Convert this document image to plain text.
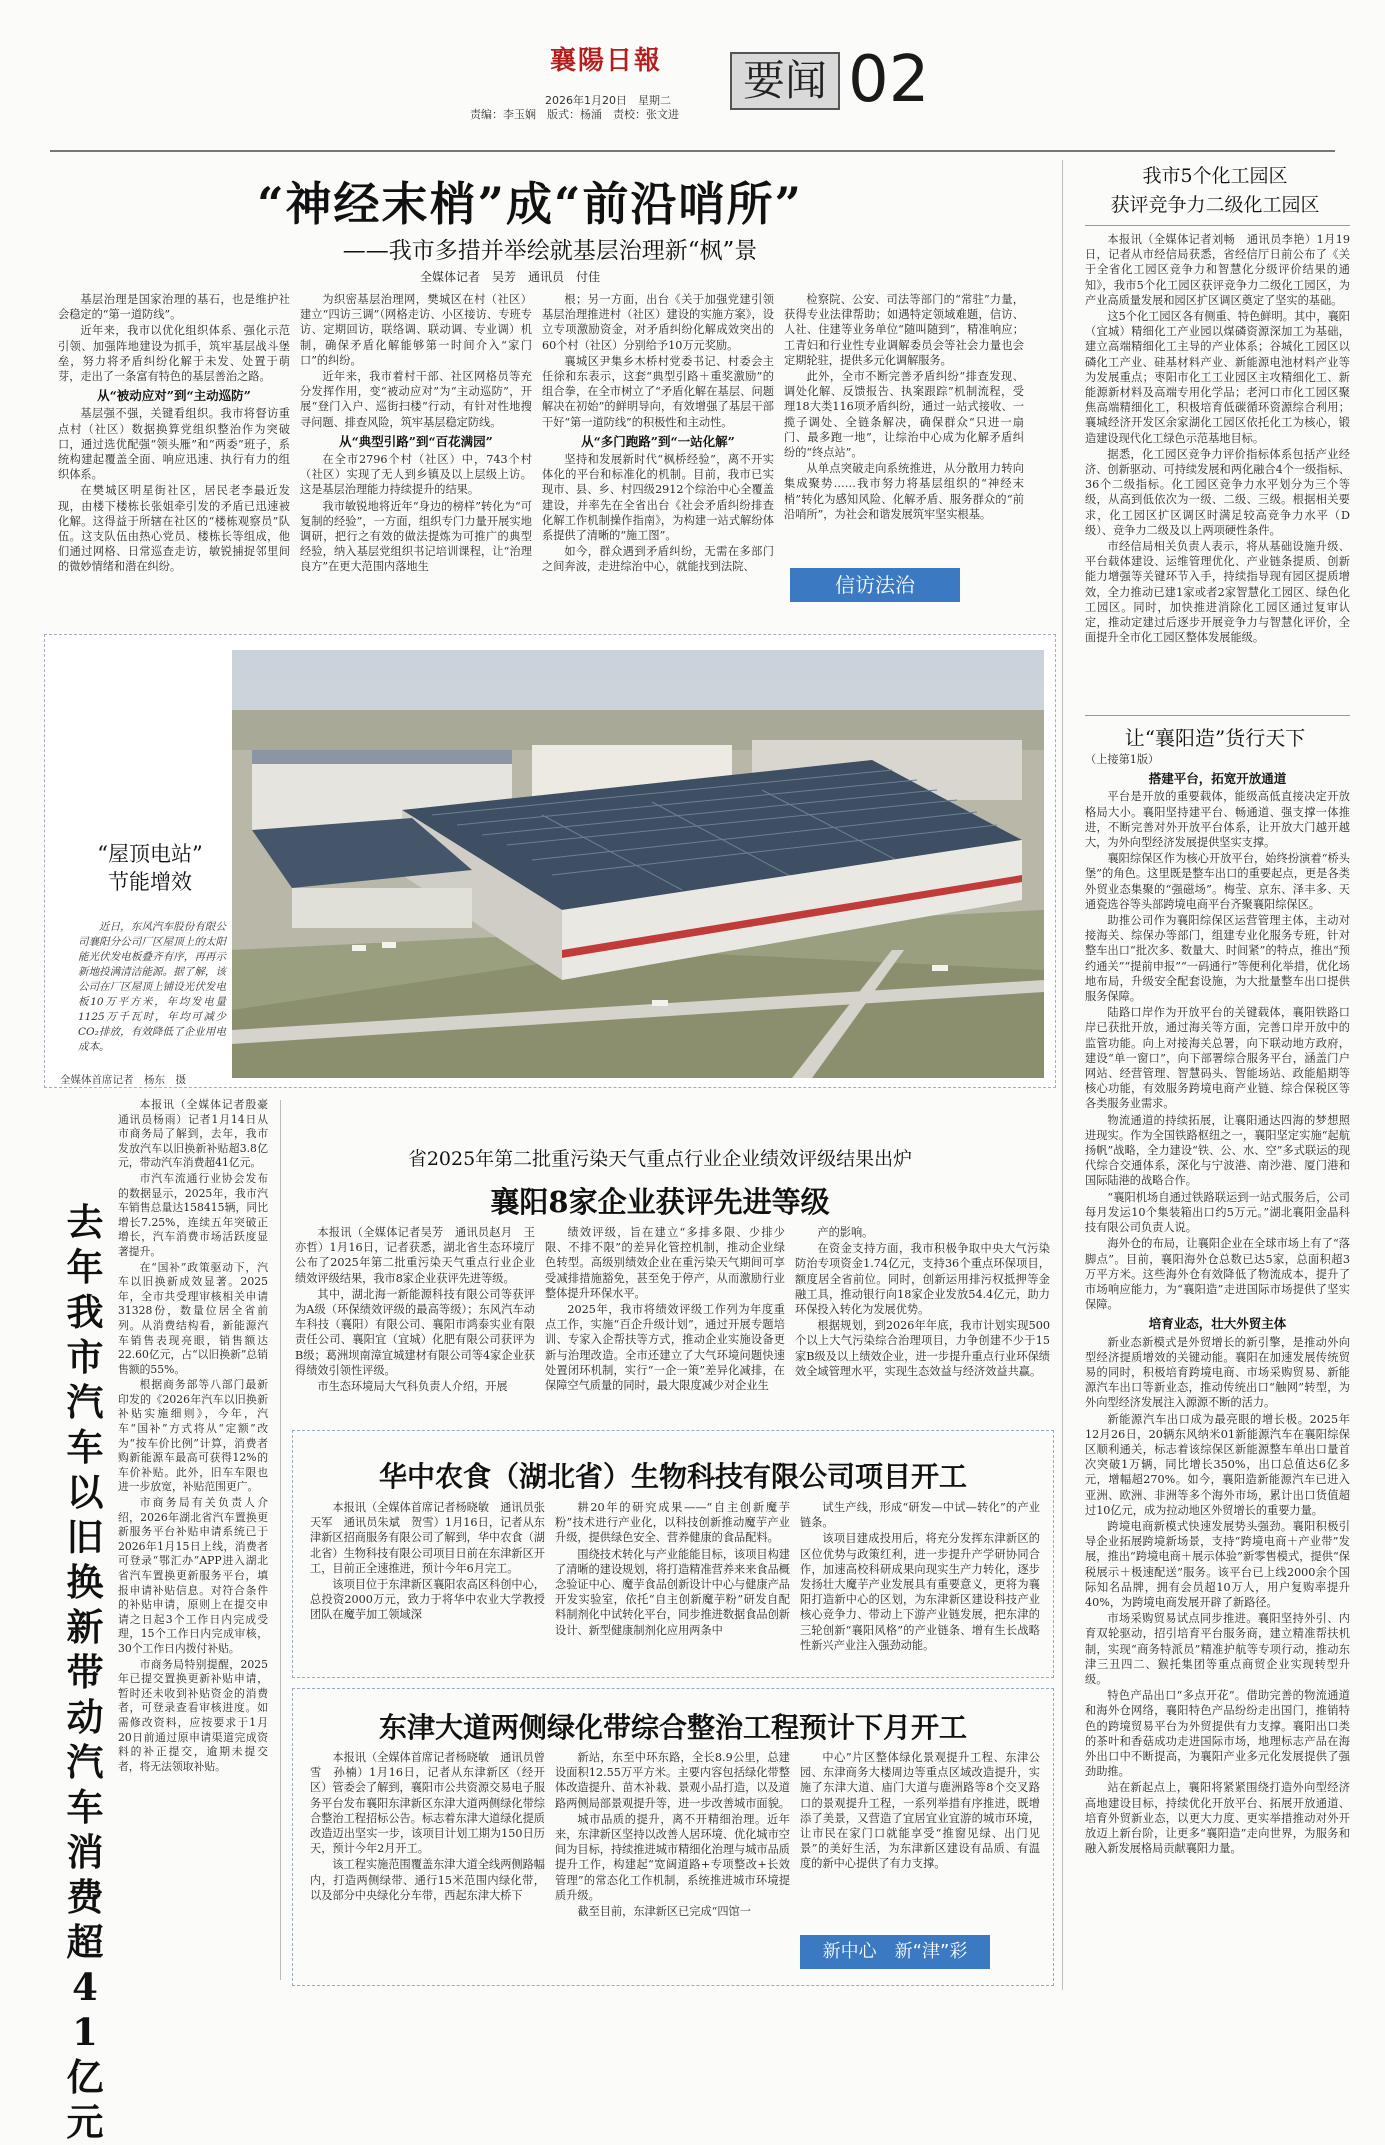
襄陽日報
2026年1月20日　星期二
责编：李玉娴　版式：杨涌　责校：张文进
要闻 02
“神经末梢”成“前沿哨所”
——我市多措并举绘就基层治理新“枫”景
全媒体记者　吴芳　通讯员　付佳

基层治理是国家治理的基石，也是维护社会稳定的“第一道防线”。

近年来，我市以优化组织体系、强化示范引领、加强阵地建设为抓手，筑牢基层战斗堡垒，努力将矛盾纠纷化解于未发、处置于萌芽，走出了一条富有特色的基层善治之路。

从“被动应对”到“主动巡防”

基层强不强，关键看组织。我市将督访重点村（社区）数据换算党组织整治作为突破口，通过选优配强“领头雁”和“两委”班子，系统构建起覆盖全面、响应迅速、执行有力的组织体系。

在樊城区明星街社区，居民老李最近发现，由楼下楼栋长张姐牵引发的矛盾已迅速被化解。这得益于所辖在社区的“楼栋观察员”队伍。这支队伍由热心党员、楼栋长等组成，他们通过网格、日常巡查走访，敏锐捕捉邻里间的微妙情绪和潜在纠纷。

为织密基层治理网，樊城区在村（社区）建立“四访三调”（网格走访、小区接访、专班专访、定期回访，联络调、联动调、专业调）机制，确保矛盾化解能够第一时间介入“家门口”的纠纷。

近年来，我市着村干部、社区网格员等充分发挥作用，变“被动应对”为“主动巡防”，开展“登门入户、巡街扫楼”行动，有针对性地搜寻问题、排查风险，筑牢基层稳定防线。

从“典型引路”到“百花满园”

在全市2796个村（社区）中，743个村（社区）实现了无人到乡镇及以上层级上访。这是基层治理能力持续提升的结果。

我市敏锐地将近年“身边的榜样”转化为“可复制的经验”，一方面，组织专门力量开展实地调研，把行之有效的做法提炼为可推广的典型经验，纳入基层党组织书记培训课程，让“治理良方”在更大范围内落地生

根；另一方面，出台《关于加强党建引领基层治理推进村（社区）建设的实施方案》，设立专项激励资金，对矛盾纠纷化解成效突出的60个村（社区）分别给予10万元奖励。

襄城区尹集乡木桥村党委书记、村委会主任徐和东表示，这套“典型引路＋重奖激励”的组合拳，在全市树立了“矛盾化解在基层、问题解决在初始”的鲜明导向，有效增强了基层干部干好“第一道防线”的积极性和主动性。

从“多门跑路”到“一站化解”

坚持和发展新时代“枫桥经验”，离不开实体化的平台和标准化的机制。目前，我市已实现市、县、乡、村四级2912个综治中心全覆盖建设，并率先在全省出台《社会矛盾纠纷排查化解工作机制操作指南》，为构建一站式解纷体系提供了清晰的“施工图”。

如今，群众遇到矛盾纠纷，无需在多部门之间奔波，走进综治中心，就能找到法院、

检察院、公安、司法等部门的“常驻”力量，获得专业法律帮助；如遇特定领域难题，信访、人社、住建等业务单位“随叫随到”，精准响应；工青妇和行业性专业调解委员会等社会力量也会定期轮驻，提供多元化调解服务。

此外，全市不断完善矛盾纠纷“排查发现、调处化解、反馈报告、执案跟踪”机制流程，受理18大类116项矛盾纠纷，通过一站式接收、一揽子调处、全链条解决，确保群众“只进一扇门、最多跑一地”，让综治中心成为化解矛盾纠纷的“终点站”。

从单点突破走向系统推进，从分散用力转向集成聚势……我市努力将基层组织的“神经末梢”转化为感知风险、化解矛盾、服务群众的“前沿哨所”，为社会和谐发展筑牢坚实根基。

信访法治
我市5个化工园区
获评竞争力二级化工园区

本报讯（全媒体记者刘畅　通讯员李艳）1月19日，记者从市经信局获悉，省经信厅日前公布了《关于全省化工园区竞争力和智慧化分级评价结果的通知》，我市5个化工园区获评竞争力二级化工园区，为产业高质量发展和园区扩区调区奠定了坚实的基础。

这5个化工园区各有侧重、特色鲜明。其中，襄阳（宜城）精细化工产业园以煤磷资源深加工为基础，建立高端精细化工主导的产业体系；谷城化工园区以磷化工产业、硅基材料产业、新能源电池材料产业等为发展重点；枣阳市化工工业园区主攻精细化工、新能源新材料及高端专用化学品；老河口市化工园区聚焦高端精细化工，积极培育低碳循环资源综合利用；襄城经济开发区余家湖化工园区依托化工为核心，锻造建设现代化工绿色示范基地目标。

据悉，化工园区竞争力评价指标体系包括产业经济、创新驱动、可持续发展和两化融合4个一级指标、36个二级指标。化工园区竞争力水平划分为三个等级，从高到低依次为一级、二级、三级。根据相关要求，化工园区扩区调区时满足较高竞争力水平（D级）、竞争力二级及以上两项硬性条件。

市经信局相关负责人表示，将从基础设施升级、平台载体建设、运维管理优化、产业链条提质、创新能力增强等关键环节入手，持续指导现有园区提质增效，全力推动已建1家或者2家智慧化工园区、绿色化工园区。同时，加快推进消除化工园区通过复审认定，推动定建过后逐步开展竞争力与智慧化评价，全面提升全市化工园区整体发展能级。

“屋顶电站”
节能增效

近日，东风汽车股份有限公司襄阳分公司厂区屋顶上的太阳能光伏发电板叠齐有序，再再示新地投满清洁能源。据了解，该公司在厂区屋顶上铺设光伏发电板10万平方米，年均发电量1125万千瓦时，年均可减少CO₂排放，有效降低了企业用电成本。

全媒体首席记者　杨东　摄
让“襄阳造”货行天下
（上接第1版）
搭建平台，拓宽开放通道

平台是开放的重要载体，能级高低直接决定开放格局大小。襄阳坚持建平台、畅通道、强支撑一体推进，不断完善对外开放平台体系，让开放大门越开越大，为外向型经济发展提供坚实支撑。

襄阳综保区作为核心开放平台，始终扮演着“桥头堡”的角色。这里既是整车出口的重要起点，更是各类外贸业态集聚的“强磁场”。梅莹、京东、泽丰多、天通瓷选谷等头部跨境电商平台齐聚襄阳综保区。

助推公司作为襄阳综保区运营管理主体，主动对接海关、综保办等部门，组建专业化服务专班，针对整车出口“批次多、数量大、时间紧”的特点，推出“预约通关”“提前申报”“一码通行”等便利化举措，优化场地布局，升级安全配套设施，为大批量整车出口提供服务保障。

陆路口岸作为开放平台的关键载体，襄阳铁路口岸已获批开放，通过海关等方面，完善口岸开放中的监管功能。向上对接海关总署，向下联动地方政府，建设“单一窗口”，向下部署综合服务平台，涵盖门户网站、经营管理、智慧码头、智能场站、政能船期等核心功能，有效服务跨境电商产业链、综合保税区等各类服务业需求。

物流通道的持续拓展，让襄阳通达四海的梦想照进现实。作为全国铁路枢纽之一，襄阳坚定实施“起航扬帆”战略，全力建设“铁、公、水、空”多式联运的现代综合交通体系，深化与宁波港、南沙港、厦门港和国际陆港的战略合作。

“襄阳机场自通过铁路联运到一站式服务后，公司每月发运10个集装箱出口约5万元。”湖北襄阳金晶科技有限公司负责人说。

海外仓的布局，让襄阳企业在全球市场上有了“落脚点”。目前，襄阳海外仓总数已达5家，总面积超3万平方米。这些海外仓有效降低了物流成本，提升了市场响应能力，为“襄阳造”走进国际市场提供了坚实保障。

培育业态，壮大外贸主体

新业态新模式是外贸增长的新引擎，是推动外向型经济提质增效的关键动能。襄阳在加速发展传统贸易的同时，积极培育跨境电商、市场采购贸易、新能源汽车出口等新业态，推动传统出口“触网”转型，为外向型经济发展注入源源不断的活力。

新能源汽车出口成为最亮眼的增长极。2025年12月26日，20辆东风纳米01新能源汽车在襄阳综保区顺利通关，标志着该综保区新能源整车单出口量首次突破1万辆，同比增长350%，出口总值达6亿多元，增幅超270%。如今，襄阳造新能源汽车已进入亚洲、欧洲、非洲等多个海外市场，累计出口货值超过10亿元，成为拉动地区外贸增长的重要力量。

跨境电商新模式快速发展势头强劲。襄阳积极引导企业拓展跨境新场景，支持“跨境电商＋产业带”发展，推出“跨境电商＋展示体验”新零售模式，提供“保税展示＋极速配送”服务。该平台已上线2000余个国际知名品牌，拥有会员超10万人，用户复购率提升40%，为跨境电商发展开辟了新路径。

市场采购贸易试点同步推进。襄阳坚持外引、内育双轮驱动，招引培育平台服务商，建立精准帮扶机制，实现“商务特派员”精准护航等专项行动，推动东津三丑四二、猴托集团等重点商贸企业实现转型升级。

特色产品出口“多点开花”。借助完善的物流通道和海外仓网络，襄阳特色产品纷纷走出国门，推销特色的跨境贸易平台为外贸提供有力支撑。襄阳出口类的茶叶和香菇成功走进国际市场，地理标志产品在海外出口中不断提高，为襄阳产业多元化发展提供了强劲助推。

站在新起点上，襄阳将紧紧围绕打造外向型经济高地建设目标，持续优化开放平台、拓展开放通道、培育外贸新业态，以更大力度、更实举措推动对外开放迈上新台阶，让更多“襄阳造”走向世界，为服务和融入新发展格局贡献襄阳力量。

去年我市汽车以旧换新带动汽车消费超41亿元

本报讯（全媒体记者殷豪　通讯员杨雨）记者1月14日从市商务局了解到，去年，我市发放汽车以旧换新补贴超3.8亿元，带动汽车消费超41亿元。

市汽车流通行业协会发布的数据显示，2025年，我市汽车销售总量达158415辆，同比增长7.25%，连续五年突破正增长，汽车消费市场活跃度显著提升。

在“国补”政策驱动下，汽车以旧换新成效显著。2025年，全市共受理审核相关申请31328份，数量位居全省前列。从消费结构看，新能源汽车销售表现亮眼，销售额达22.60亿元，占“以旧换新”总销售额的55%。

根据商务部等八部门最新印发的《2026年汽车以旧换新补贴实施细则》，今年，汽车“国补”方式将从“定额”改为“按车价比例”计算，消费者购新能源车最高可获得12%的车价补贴。此外，旧车车限也进一步放宽，补贴范围更广。

市商务局有关负责人介绍，2026年湖北省汽车置换更新服务平台补贴申请系统已于2026年1月15日上线，消费者可登录“鄂汇办”APP进入湖北省汽车置换更新服务平台，填报申请补贴信息。对符合条件的补贴申请，原则上在提交申请之日起3个工作日内完成受理，15个工作日内完成审核，30个工作日内拨付补贴。

市商务局特别提醒，2025年已提交置换更新补贴申请，暂时还未收到补贴资金的消费者，可登录查看审核进度。如需修改资料，应按要求于1月20日前通过原申请渠道完成资料的补正提交，逾期未提交者，将无法领取补贴。

省2025年第二批重污染天气重点行业企业绩效评级结果出炉
襄阳8家企业获评先进等级

本报讯（全媒体记者吴芳　通讯员赵月　王亦哲）1月16日，记者获悉，湖北省生态环境厅公布了2025年第二批重污染天气重点行业企业绩效评级结果，我市8家企业获评先进等级。

其中，湖北海一新能源科技有限公司等获评为A级（环保绩效评级的最高等级）；东风汽车动车科技（襄阳）有限公司、襄阳市鸿泰实业有限责任公司、襄阳宜（宜城）化肥有限公司获评为B级；葛洲坝南漳宜城建材有限公司等4家企业获得绩效引领性评级。

市生态环境局大气科负责人介绍，开展

绩效评级，旨在建立“多排多限、少排少限、不排不限”的差异化管控机制，推动企业绿色转型。高级别绩效企业在重污染天气期间可享受减排措施豁免，甚至免于停产，从而激励行业整体提升环保水平。

2025年，我市将绩效评级工作列为年度重点工作，实施“百企升级计划”，通过开展专题培训、专家入企帮扶等方式，推动企业实施设备更新与治理改造。全市还建立了大气环境问题快速处置闭环机制，实行“一企一策”差异化减排，在保障空气质量的同时，最大限度减少对企业生

产的影响。

在资金支持方面，我市积极争取中央大气污染防治专项资金1.74亿元，支持36个重点环保项目，额度居全省前位。同时，创新运用排污权抵押等金融工具，推动银行向18家企业发放54.4亿元，助力环保投入转化为发展优势。

根据规划，到2026年年底，我市计划实现500个以上大气污染综合治理项目，力争创建不少于15家B级及以上绩效企业，进一步提升重点行业环保绩效全域管理水平，实现生态效益与经济效益共赢。

华中农食（湖北省）生物科技有限公司项目开工

本报讯（全媒体首席记者杨晓敏　通讯员张天军　通讯员朱斌　贺雪）1月16日，记者从东津新区招商服务有限公司了解到，华中农食（湖北省）生物科技有限公司项目日前在东津新区开工，目前正全速推进，预计今年6月完工。

该项目位于东津新区襄阳农高区科创中心，总投资2000万元，致力于将华中农业大学教授团队在魔芋加工领域深

耕20年的研究成果——“自主创新魔芋粉”技术进行产业化，以科技创新推动魔芋产业升级，提供绿色安全、营养健康的食品配料。

围绕技术转化与产业能能目标，该项目构建了清晰的建设规划，将打造精准营养来来食品概念验证中心、魔芋食品创新设计中心与健康产品开发实验室，依托“自主创新魔芋粉”研发自配料制剂化中试转化平台，同步推进数据食品创新设计、新型健康制剂化应用两条中

试生产线，形成“研发—中试—转化”的产业链条。

该项目建成投用后，将充分发挥东津新区的区位优势与政策红利，进一步提升产学研协同合作，加速高校科研成果向现实生产力转化，逐步发扬壮大魔芋产业发展具有重要意义，更将为襄阳打造新中心的区划，为东津新区建设科技产业核心竞争力、带动上下游产业链发展，把东津的三轮创新“襄阳风格”的产业链条、增有生长战略性新兴产业注入强劲动能。

东津大道两侧绿化带综合整治工程预计下月开工

本报讯（全媒体首席记者杨晓敏　通讯员曾雪　孙楠）1月16日，记者从东津新区（经开区）管委会了解到，襄阳市公共资源交易电子服务平台发布襄阳东津新区东津大道两侧绿化带综合整治工程招标公告。标志着东津大道绿化提质改造迈出坚实一步，该项目计划工期为150日历天，预计今年2月开工。

该工程实施范围覆盖东津大道全线两侧路幅内，打造两侧绿带、通行15米范围内绿化带，以及部分中央绿化分车带，西起东津大桥下

新站，东至中环东路，全长8.9公里，总建设面积12.55万平方米。主要内容包括绿化带整体改造提升、苗木补栽、景观小品打造，以及道路两侧局部景观提升等，进一步改善城市面貌。

城市品质的提升，离不开精细治理。近年来，东津新区坚持以改善人居环境、优化城市空间为目标，持续推进城市精细化治理与城市品质提升工作，构建起“宽阔道路+专项整改+长效管理”的常态化工作机制，系统推进城市环境提质升级。

截至目前，东津新区已完成“四馆一

中心”片区整体绿化景观提升工程、东津公园、东津商务大楼周边等重点区域改造提升，实施了东津大道、庙门大道与鹿洲路等8个交叉路口的景观提升工程，一系列举措有序推进，既增添了美景，又营造了宜居宜业宜游的城市环境，让市民在家门口就能享受“推窗见绿、出门见景”的美好生活，为东津新区建设有品质、有温度的新中心提供了有力支撑。

新中心　新“津”彩
